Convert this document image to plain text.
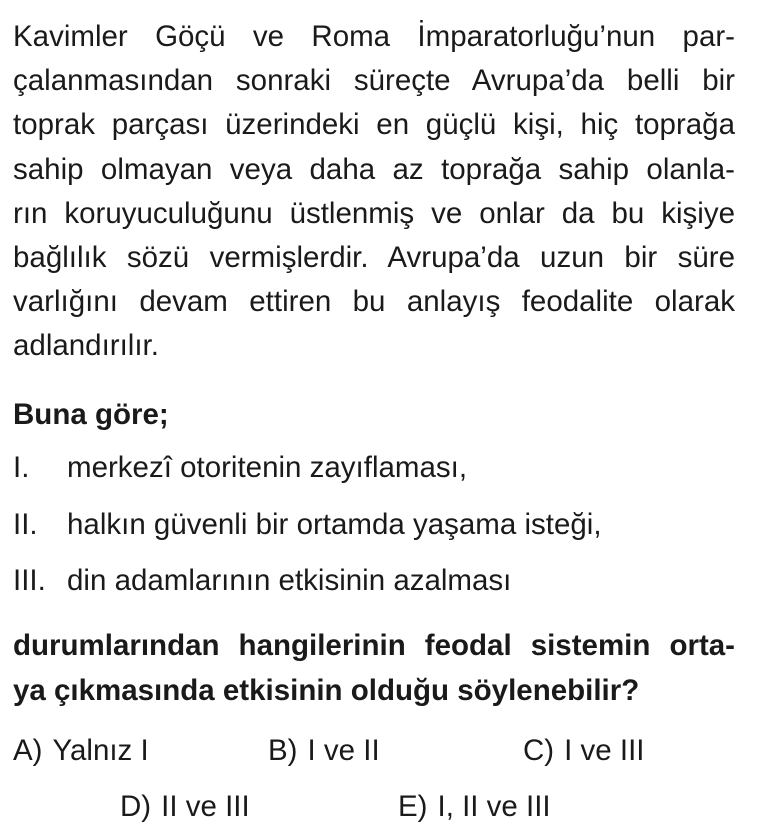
Kavimler Göçü ve Roma İmparatorluğu’nun par-
çalanmasından sonraki süreçte Avrupa’da belli bir
toprak parçası üzerindeki en güçlü kişi, hiç toprağa
sahip olmayan veya daha az toprağa sahip olanla-
rın koruyuculuğunu üstlenmiş ve onlar da bu kişiye
bağlılık sözü vermişlerdir. Avrupa’da uzun bir süre
varlığını devam ettiren bu anlayış feodalite olarak
adlandırılır.
Buna göre;
I. merkezî otoritenin zayıflaması,
II. halkın güvenli bir ortamda yaşama isteği,
III. din adamlarının etkisinin azalması
durumlarından hangilerinin feodal sistemin orta-
ya çıkmasında etkisinin olduğu söylenebilir?
A) Yalnız I	B) I ve II	C) I ve III
D) II ve III	E) I, II ve III
